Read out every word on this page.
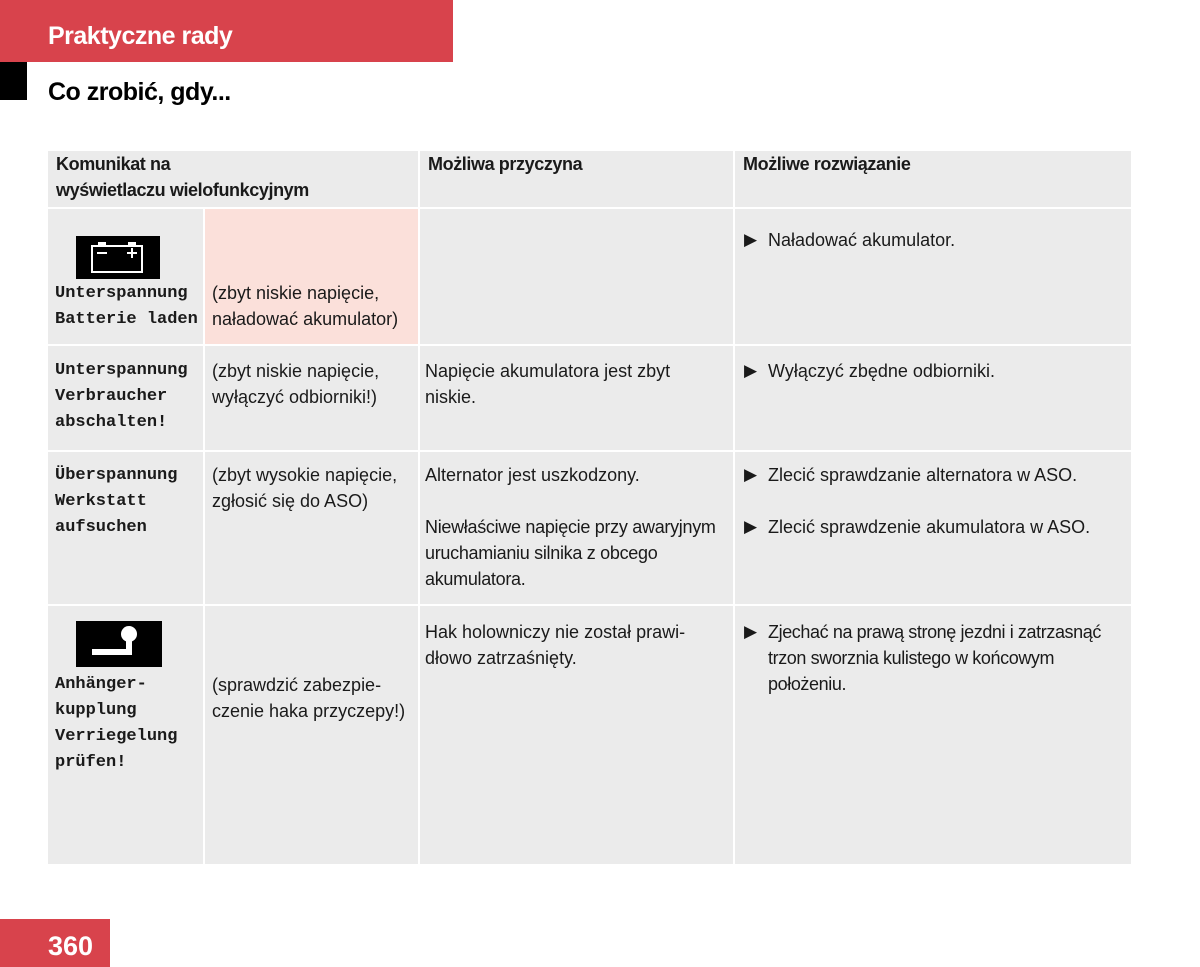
Praktyczne rady
Co zrobić, gdy...
Komunikat na
wyświetlaczu wielofunkcyjnym
Możliwa przyczyna	Możliwe rozwiązanie
Unterspannung
Batterie laden
(zbyt niskie napięcie,
naładować akumulator)
▶ Naładować akumulator.
Unterspannung
Verbraucher
abschalten!
(zbyt niskie napięcie,
wyłączyć odbiorniki!)
Napięcie akumulatora jest zbyt
niskie.
▶ Wyłączyć zbędne odbiorniki.
Überspannung
Werkstatt
aufsuchen
(zbyt wysokie napięcie,
zgłosić się do ASO)
Alternator jest uszkodzony.
Niewłaściwe napięcie przy awaryjnym
uruchamianiu silnika z obcego
akumulatora.
▶ Zlecić sprawdzanie alternatora w ASO.
▶ Zlecić sprawdzenie akumulatora w ASO.
Anhänger-
kupplung
Verriegelung
prüfen!
(sprawdzić zabezpie-
czenie haka przyczepy!)
Hak holowniczy nie został prawi-
dłowo zatrzaśnięty.
▶ Zjechać na prawą stronę jezdni i zatrzasnąć
trzon sworznia kulistego w końcowym
położeniu.
360
